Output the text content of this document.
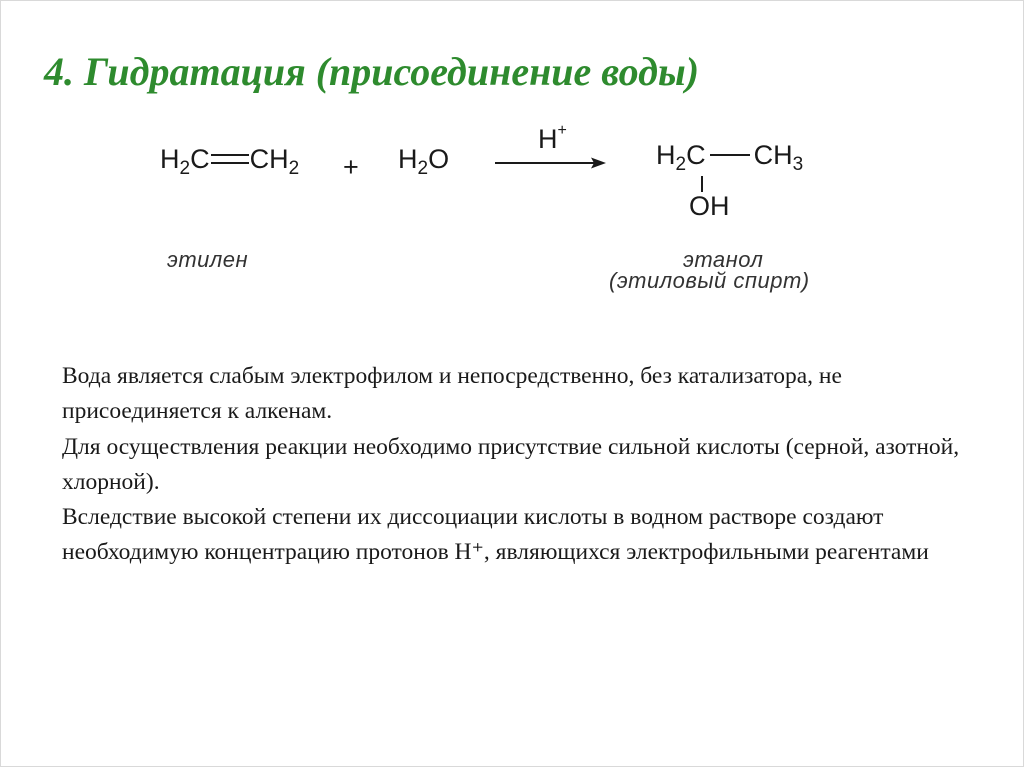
4. Гидратация (присоединение воды)
$H_2C$ $CH_2 + H_2O$
H+
$H_2C$ $CH_3$
OH
этилен	этанол
(этиловый спирт)

Вода является слабым электрофилом и непосредственно, без катализатора, не присоединяется к алкенам.

Для осуществления реакции необходимо присутствие сильной кислоты (серной, азотной, хлорной).

Вследствие высокой степени их диссоциации кислоты в водном растворе создают необходимую концентрацию протонов Н⁺, являющихся электрофильными реагентами
